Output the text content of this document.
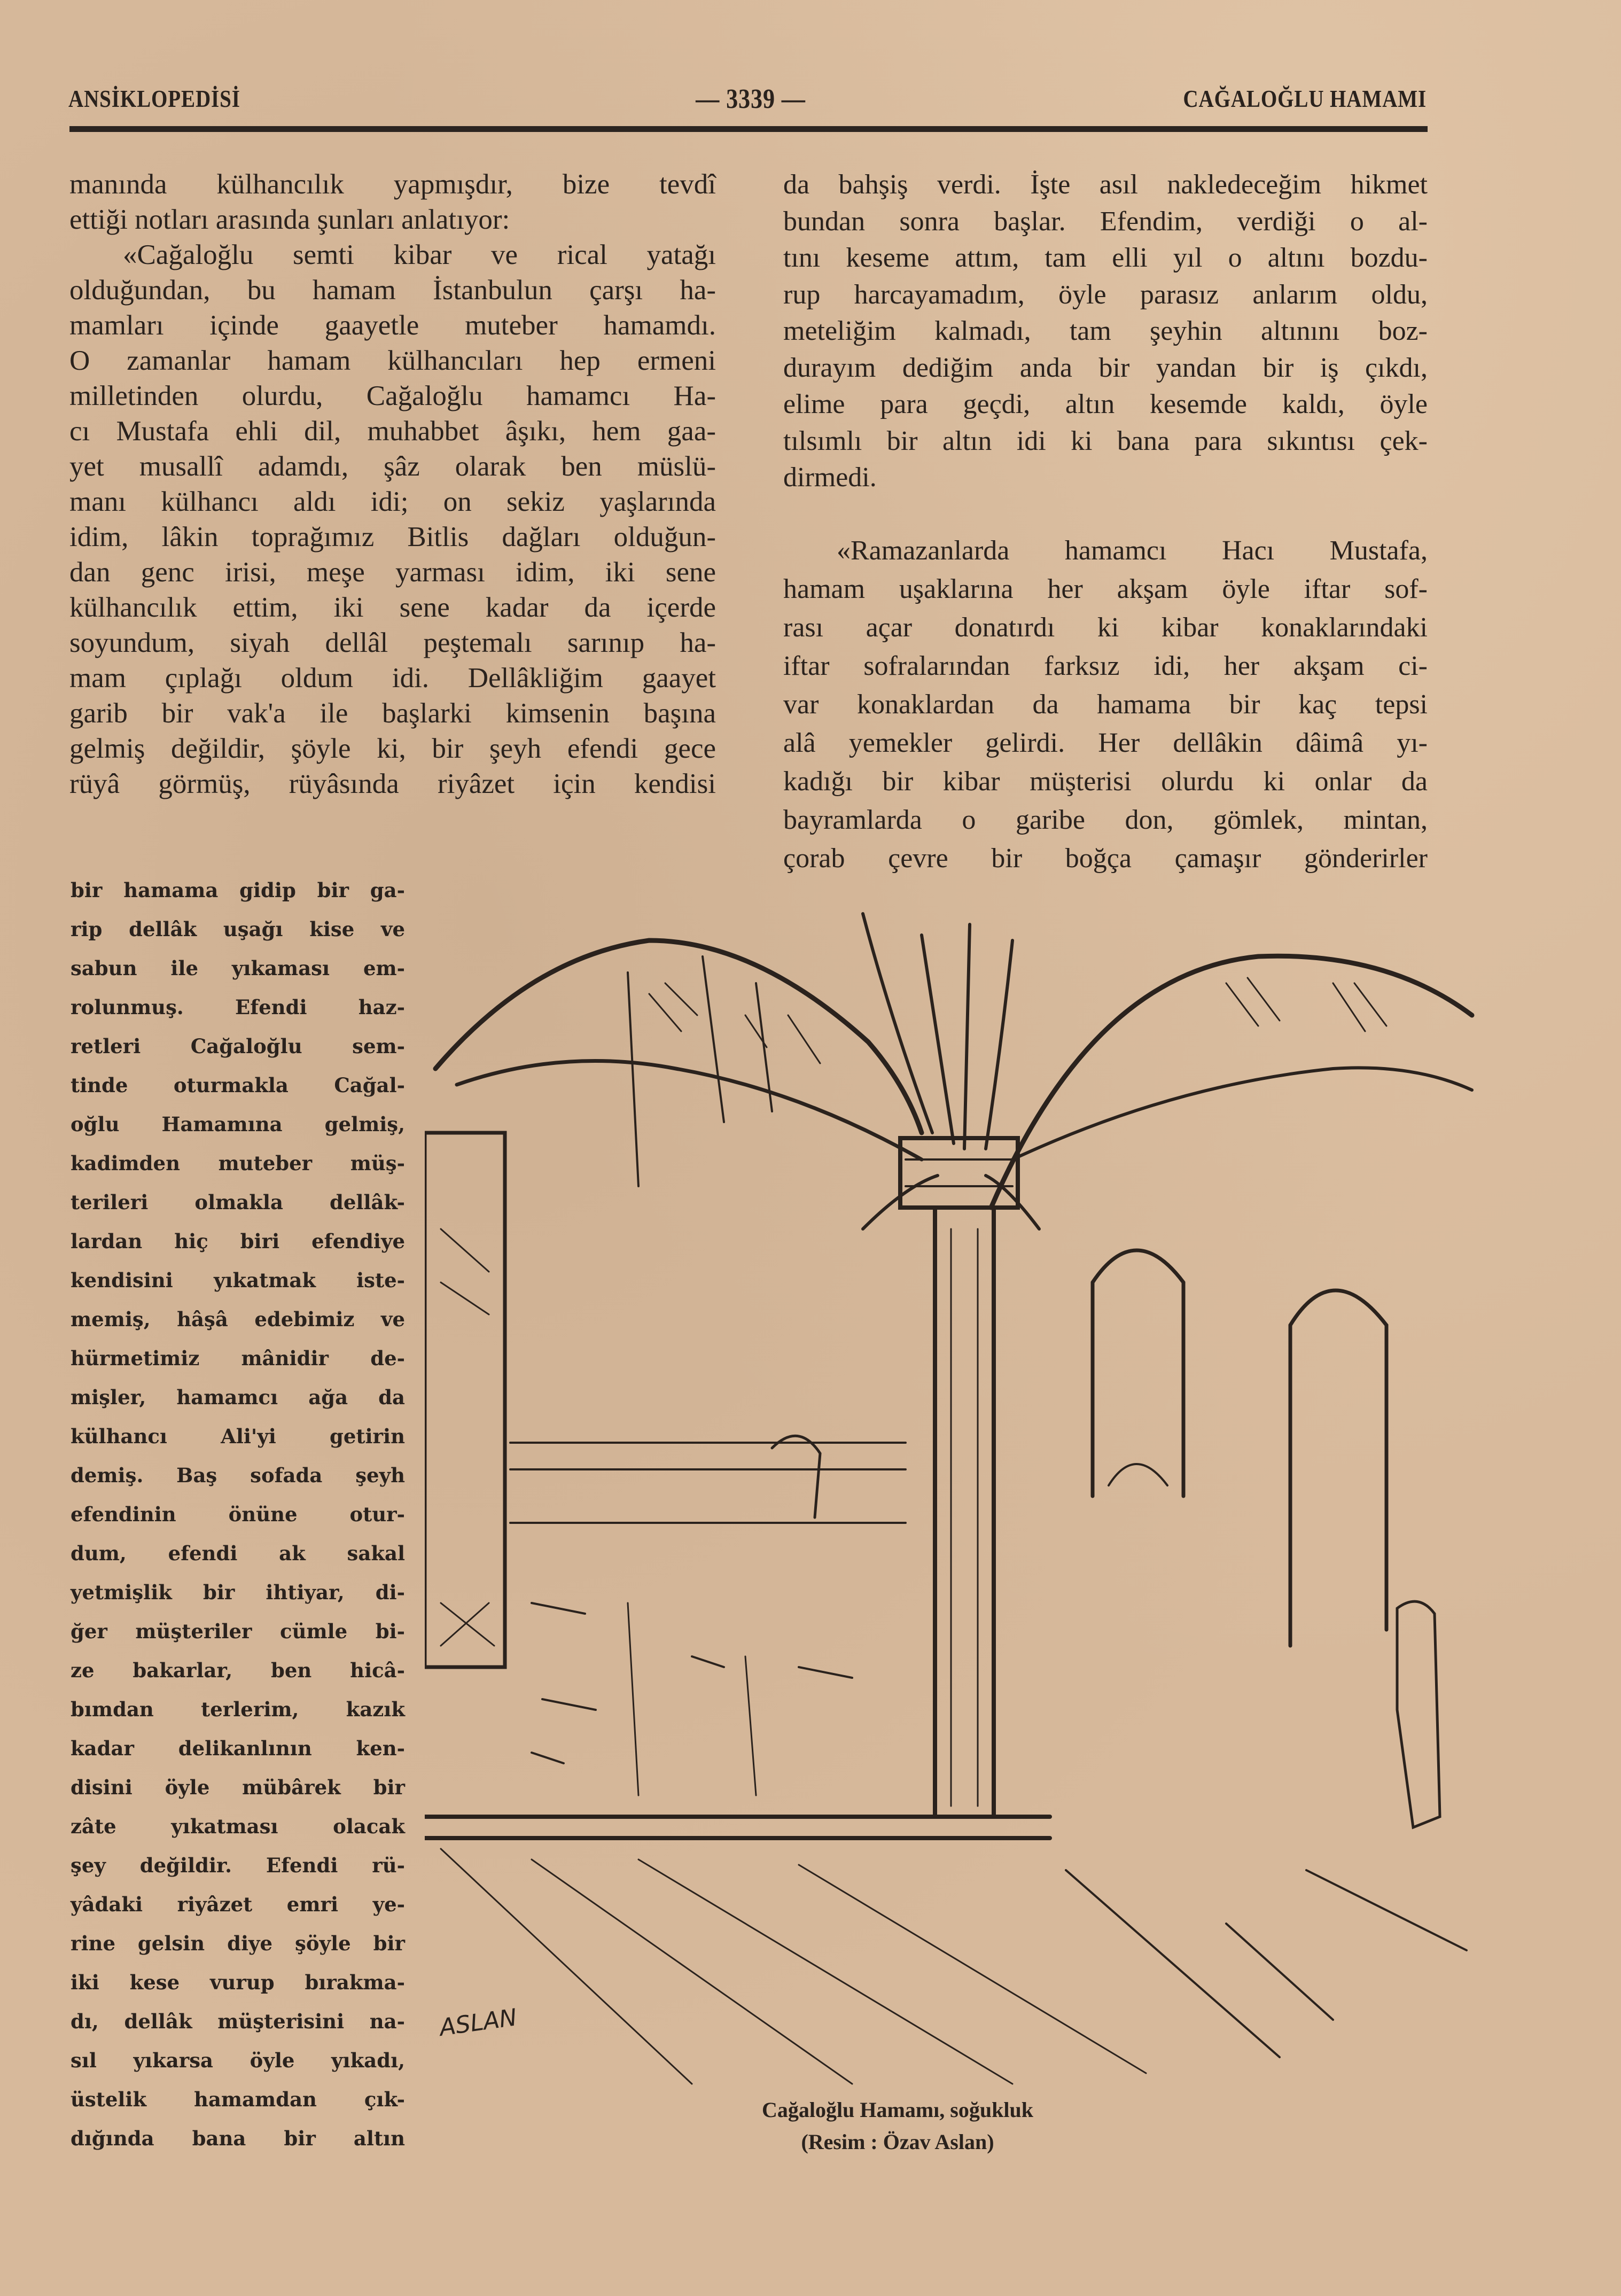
ANSİKLOPEDİSİ	— 3339 —	CAĞALOĞLU HAMAMI
manında külhancılık yapmışdır, bize tevdî
ettiği notları arasında şunları anlatıyor:
«Cağaloğlu semti kibar ve rical yatağı
olduğundan, bu hamam İstanbulun çarşı ha-
mamları içinde gaayetle muteber hamamdı.
O zamanlar hamam külhancıları hep ermeni
milletinden olurdu, Cağaloğlu hamamcı Ha-
cı Mustafa ehli dil, muhabbet âşıkı, hem gaa-
yet musallî adamdı, şâz olarak ben müslü-
manı külhancı aldı idi; on sekiz yaşlarında
idim, lâkin toprağımız Bitlis dağları olduğun-
dan genc irisi, meşe yarması idim, iki sene
külhancılık ettim, iki sene kadar da içerde
soyundum, siyah dellâl peştemalı sarınıp ha-
mam çıplağı oldum idi. Dellâkliğim gaayet
garib bir vak'a ile başlarki kimsenin başına
gelmiş değildir, şöyle ki, bir şeyh efendi gece
rüyâ görmüş, rüyâsında riyâzet için kendisi
bir hamama gidip bir ga-
rip dellâk uşağı kise ve
sabun ile yıkaması em-
rolunmuş. Efendi haz-
retleri Cağaloğlu sem-
tinde oturmakla Cağal-
oğlu Hamamına gelmiş,
kadimden muteber müş-
terileri olmakla dellâk-
lardan hiç biri efendiye
kendisini yıkatmak iste-
memiş, hâşâ edebimiz ve
hürmetimiz mânidir de-
mişler, hamamcı ağa da
külhancı Ali'yi getirin
demiş. Baş sofada şeyh
efendinin önüne otur-
dum, efendi ak sakal
yetmişlik bir ihtiyar, di-
ğer müşteriler cümle bi-
ze bakarlar, ben hicâ-
bımdan terlerim, kazık
kadar delikanlının ken-
disini öyle mübârek bir
zâte yıkatması olacak
şey değildir. Efendi rü-
yâdaki riyâzet emri ye-
rine gelsin diye şöyle bir
iki kese vurup bırakma-
dı, dellâk müşterisini na-
sıl yıkarsa öyle yıkadı,
üstelik hamamdan çık-
dığında bana bir altın
da bahşiş verdi. İşte asıl nakledeceğim hikmet
bundan sonra başlar. Efendim, verdiği o al-
tını keseme attım, tam elli yıl o altını bozdu-
rup harcayamadım, öyle parasız anlarım oldu,
meteliğim kalmadı, tam şeyhin altınını boz-
durayım dediğim anda bir yandan bir iş çıkdı,
elime para geçdi, altın kesemde kaldı, öyle
tılsımlı bir altın idi ki bana para sıkıntısı çek-
dirmedi.
«Ramazanlarda hamamcı Hacı Mustafa,
hamam uşaklarına her akşam öyle iftar sof-
rası açar donatırdı ki kibar konaklarındaki
iftar sofralarından farksız idi, her akşam ci-
var konaklardan da hamama bir kaç tepsi
alâ yemekler gelirdi. Her dellâkin dâimâ yı-
kadığı bir kibar müşterisi olurdu ki onlar da
bayramlarda o garibe don, gömlek, mintan,
çorab çevre bir boğça çamaşır gönderirler
ASLAN
Cağaloğlu Hamamı, soğukluk
(Resim : Özav Aslan)
